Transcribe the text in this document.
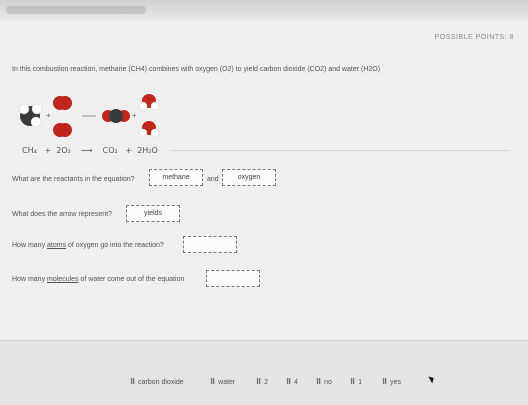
POSSIBLE POINTS: 8
In this combustion reaction, methane (CH4) combines with oxygen (O2) to yield carbon dioxide (CO2) and water (H2O)
+	+
CH₄ + 2O₂ ⟶ CO₂ + 2H₂O
What are the reactants in the equation?	methane	and	oxygen
What does the arrow represent?	yields
How many atoms of oxygen go into the reaction?
How many molecules of water come out of the equation
⠿ carbon dioxide	⠿ water	⠿ 2	⠿ 4	⠿ no	⠿ 1	⠿ yes
